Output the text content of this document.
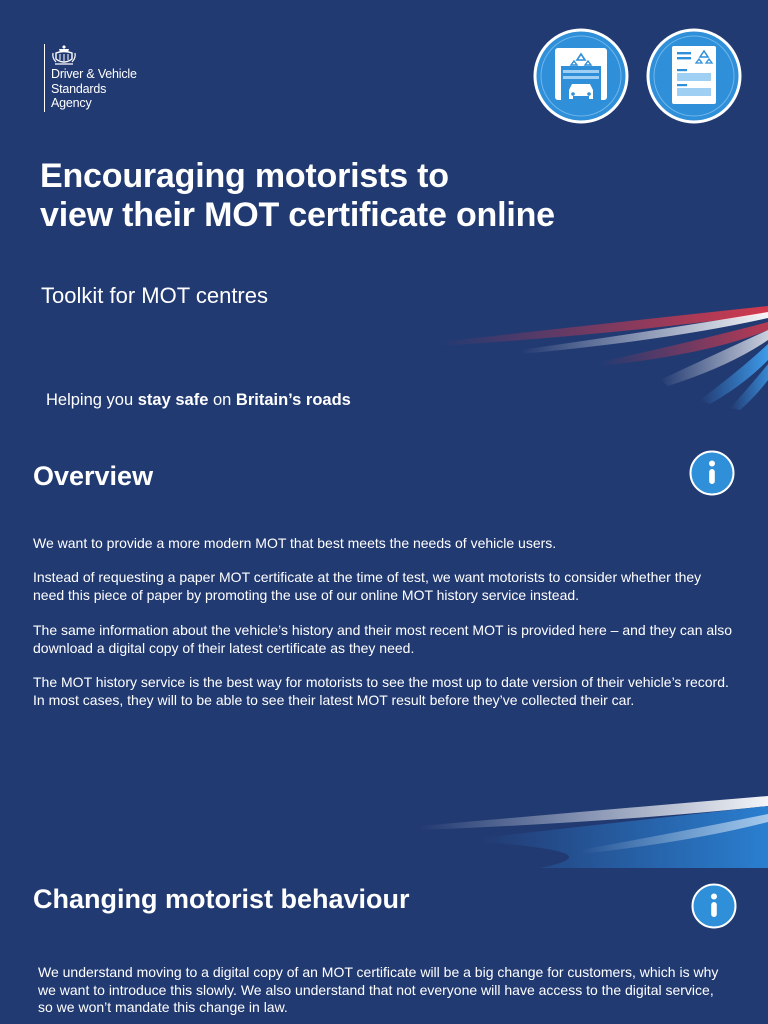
Driver & Vehicle
Standards
Agency
Encouraging motorists to
view their MOT certificate online

Toolkit for MOT centres

Helping you stay safe on Britain’s roads

Overview

We want to provide a more modern MOT that best meets the needs of vehicle users.

Instead of requesting a paper MOT certificate at the time of test, we want motorists to consider whether they need this piece of paper by promoting the use of our online MOT history service instead.

The same information about the vehicle’s history and their most recent MOT is provided here – and they can also download a digital copy of their latest certificate as they need.

The MOT history service is the best way for motorists to see the most up to date version of their vehicle’s record. In most cases, they will to be able to see their latest MOT result before they’ve collected their car.

Changing motorist behaviour

We understand moving to a digital copy of an MOT certificate will be a big change for customers, which is why we want to introduce this slowly. We also understand that not everyone will have access to the digital service, so we won’t mandate this change in law.
